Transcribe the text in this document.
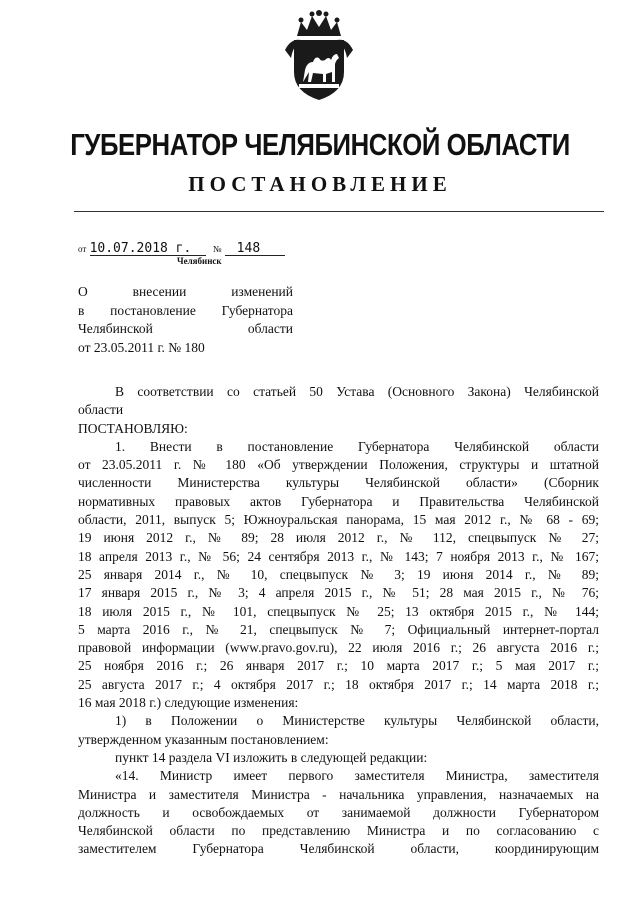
ГУБЕРНАТОР ЧЕЛЯБИНСКОЙ ОБЛАСТИ
ПОСТАНОВЛЕНИЕ
от 10.07.2018 г. № 148
Челябинск
О внесении изменений
в постановление Губернатора
Челябинской области
от 23.05.2011 г. № 180
В соответствии со статьей 50 Устава (Основного Закона) Челябинской
области
ПОСТАНОВЛЯЮ:
1. Внести в постановление Губернатора Челябинской области
от 23.05.2011 г. № 180 «Об утверждении Положения, структуры и штатной
численности Министерства культуры Челябинской области» (Сборник
нормативных правовых актов Губернатора и Правительства Челябинской
области, 2011, выпуск 5; Южноуральская панорама, 15 мая 2012 г., № 68 - 69;
19 июня 2012 г., № 89; 28 июля 2012 г., № 112, спецвыпуск № 27;
18 апреля 2013 г., № 56; 24 сентября 2013 г., № 143; 7 ноября 2013 г., № 167;
25 января 2014 г., № 10, спецвыпуск № 3; 19 июня 2014 г., № 89;
17 января 2015 г., № 3; 4 апреля 2015 г., № 51; 28 мая 2015 г., № 76;
18 июля 2015 г., № 101, спецвыпуск № 25; 13 октября 2015 г., № 144;
5 марта 2016 г., № 21, спецвыпуск № 7; Официальный интернет-портал
правовой информации (www.pravo.gov.ru), 22 июля 2016 г.; 26 августа 2016 г.;
25 ноября 2016 г.; 26 января 2017 г.; 10 марта 2017 г.; 5 мая 2017 г.;
25 августа 2017 г.; 4 октября 2017 г.; 18 октября 2017 г.; 14 марта 2018 г.;
16 мая 2018 г.) следующие изменения:
1) в Положении о Министерстве культуры Челябинской области,
утвержденном указанным постановлением:
пункт 14 раздела VI изложить в следующей редакции:
«14. Министр имеет первого заместителя Министра, заместителя
Министра и заместителя Министра - начальника управления, назначаемых на
должность и освобождаемых от занимаемой должности Губернатором
Челябинской области по представлению Министра и по согласованию с
заместителем Губернатора Челябинской области, координирующим
